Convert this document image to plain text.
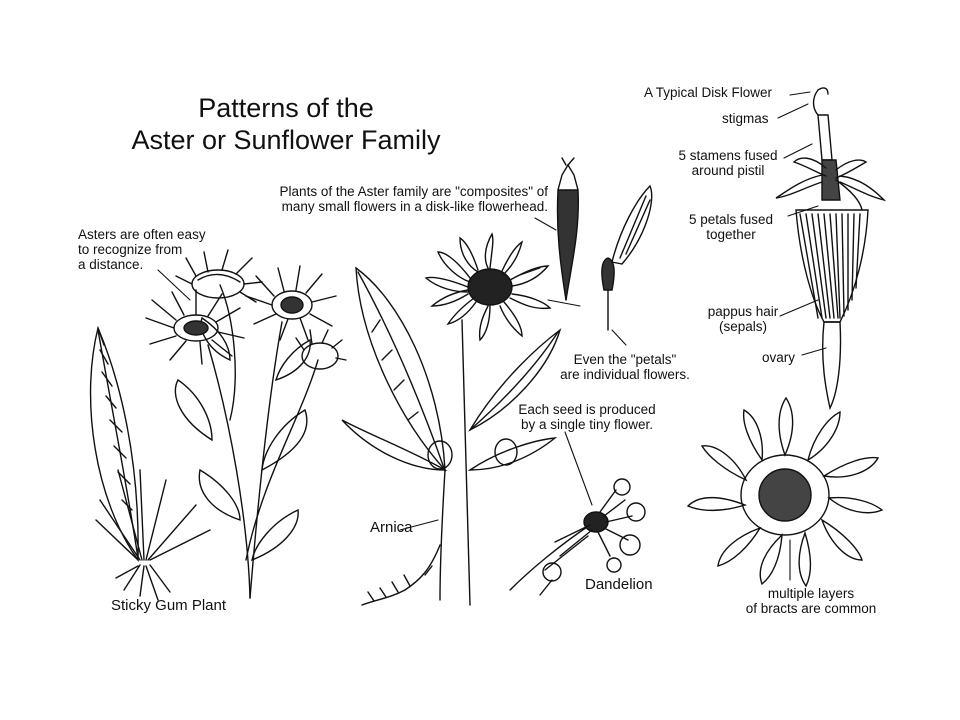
Patterns of the
Aster or Sunflower Family
A Typical Disk Flower
stigmas
5 stamens fused
around pistil
5 petals fused
together
pappus hair
(sepals)
ovary
Plants of the Aster family are "composites" of
many small flowers in a disk-like flowerhead.
Asters are often easy
to recognize from
a distance.
Even the "petals"
are individual flowers.
Each seed is produced
by a single tiny flower.
Arnica
Dandelion
Sticky Gum Plant
multiple layers
of bracts are common
